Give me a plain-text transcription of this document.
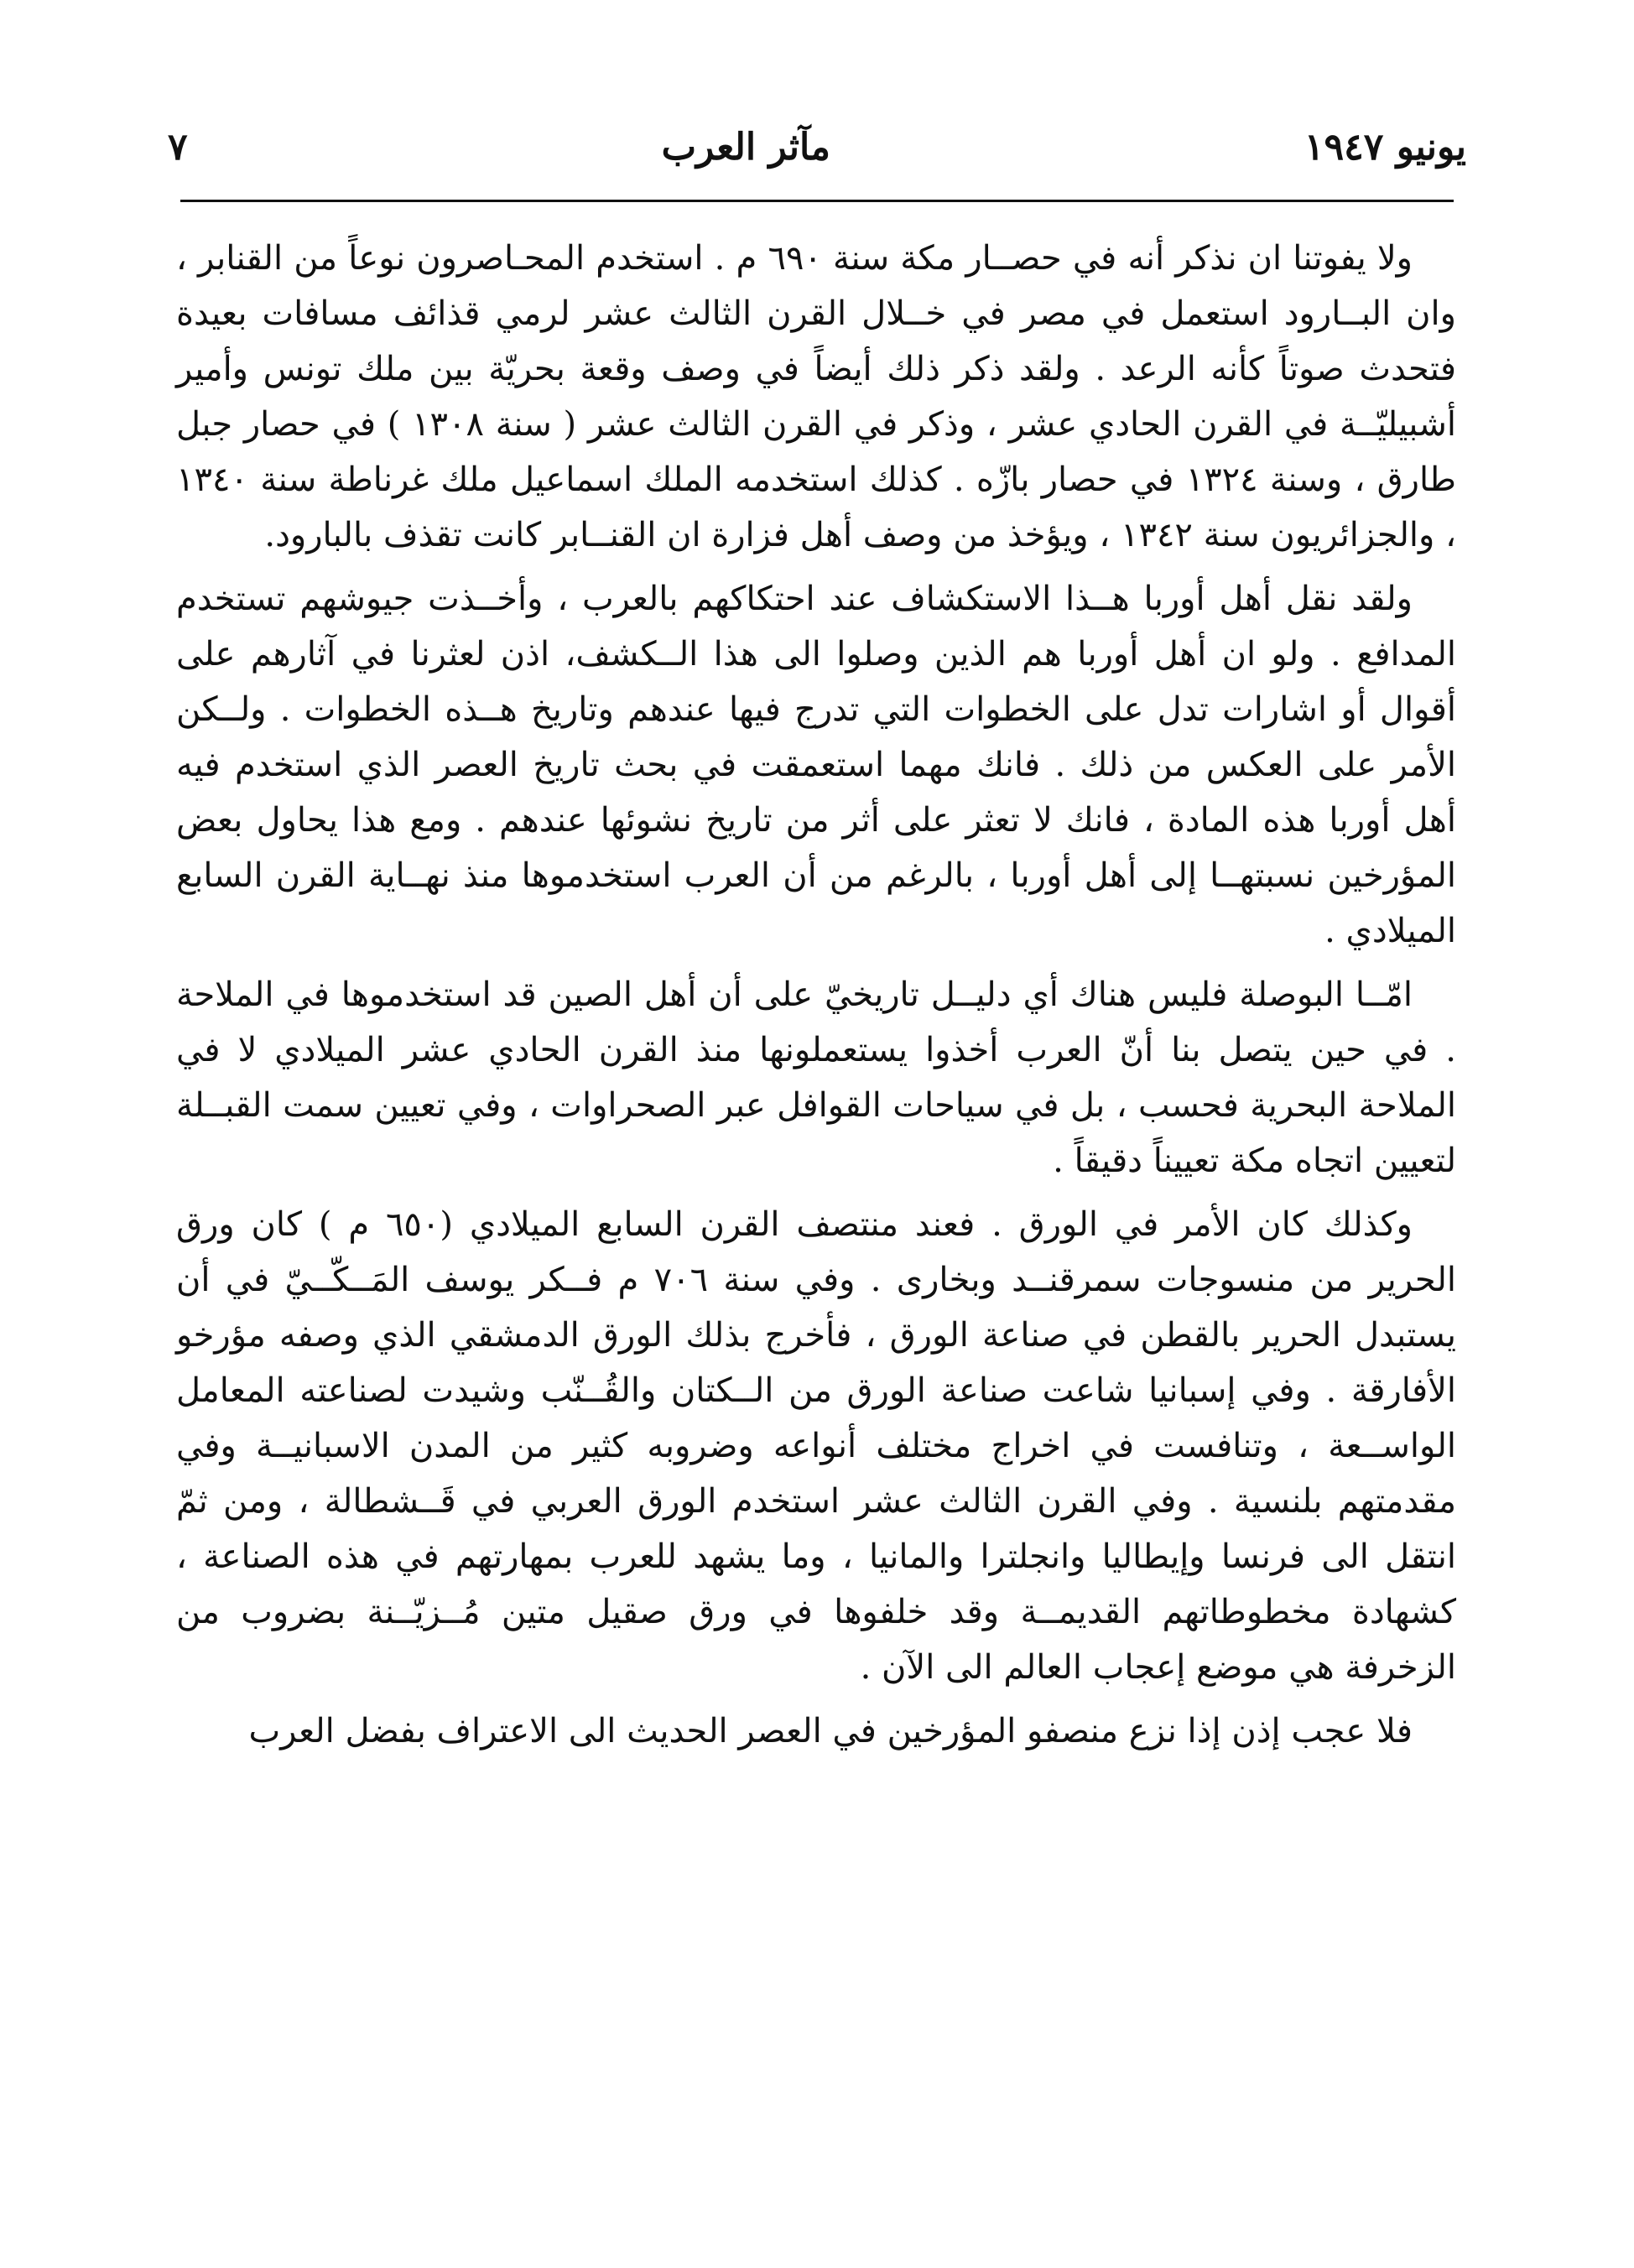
يونيو ١٩٤٧
مآثر العرب
٧

ولا يفوتنا ان نذكر أنه في حصــار مكة سنة ٦٩٠ م . استخدم المحـاصرون نوعاً من القنابر ، وان البــارود استعمل في مصر في خــلال القرن الثالث عشر لرمي قذائف مسافات بعيدة فتحدث صوتاً كأنه الرعد . ولقد ذكر ذلك أيضاً في وصف وقعة بحريّة بين ملك تونس وأمير أشبيليّــة في القرن الحادي عشر ، وذكر في القرن الثالث عشر ( سنة ١٣٠٨ ) في حصار جبل طارق ، وسنة ١٣٢٤ في حصار بازّه . كذلك استخدمه الملك اسماعيل ملك غرناطة سنة ١٣٤٠ ، والجزائريون سنة ١٣٤٢ ، ويؤخذ من وصف أهل فزارة ان القنــابر كانت تقذف بالبارود.

ولقد نقل أهل أوربا هــذا الاستكشاف عند احتكاكهم بالعرب ، وأخــذت جيوشهم تستخدم المدافع . ولو ان أهل أوربا هم الذين وصلوا الى هذا الــكشف، اذن لعثرنا في آثارهم على أقوال أو اشارات تدل على الخطوات التي تدرج فيها عندهم وتاريخ هــذه الخطوات . ولــكن الأمر على العكس من ذلك . فانك مهما استعمقت في بحث تاريخ العصر الذي استخدم فيه أهل أوربا هذه المادة ، فانك لا تعثر على أثر من تاريخ نشوئها عندهم . ومع هذا يحاول بعض المؤرخين نسبتهــا إلى أهل أوربا ، بالرغم من أن العرب استخدموها منذ نهــاية القرن السابع الميلادي .

امّــا البوصلة فليس هناك أي دليــل تاريخيّ على أن أهل الصين قد استخدموها في الملاحة . في حين يتصل بنا أنّ العرب أخذوا يستعملونها منذ القرن الحادي عشر الميلادي لا في الملاحة البحرية فحسب ، بل في سياحات القوافل عبر الصحراوات ، وفي تعيين سمت القبــلة لتعيين اتجاه مكة تعييناً دقيقاً .

وكذلك كان الأمر في الورق . فعند منتصف القرن السابع الميلادي (٦٥٠ م ) كان ورق الحرير من منسوجات سمرقنــد وبخارى . وفي سنة ٧٠٦ م فــكر يوسف المَــكّــيّ في أن يستبدل الحرير بالقطن في صناعة الورق ، فأخرج بذلك الورق الدمشقي الذي وصفه مؤرخو الأفارقة . وفي إسبانيا شاعت صناعة الورق من الــكتان والقُــنّب وشيدت لصناعته المعامل الواســعة ، وتنافست في اخراج مختلف أنواعه وضروبه كثير من المدن الاسبانيــة وفي مقدمتهم بلنسية . وفي القرن الثالث عشر استخدم الورق العربي في قَــشطالة ، ومن ثمّ انتقل الى فرنسا وإيطاليا وانجلترا والمانيا ، وما يشهد للعرب بمهارتهم في هذه الصناعة ، كشهادة مخطوطاتهم القديمــة وقد خلفوها في ورق صقيل متين مُــزيّــنة بضروب من الزخرفة هي موضع إعجاب العالم الى الآن .

فلا عجب إذن إذا نزع منصفو المؤرخين في العصر الحديث الى الاعتراف بفضل العرب
